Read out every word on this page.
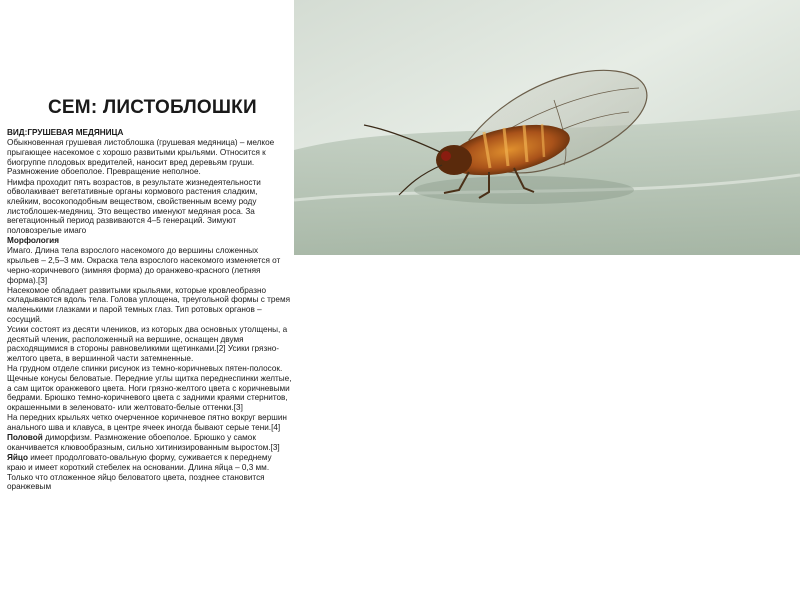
СЕМ: ЛИСТОБЛОШКИ

ВИД:ГРУШЕВАЯ МЕДЯНИЦА

Обыкновенная грушевая листоблошка (грушевая медяница) – мелкое прыгающее насекомое с хорошо развитыми крыльями. Относится к биогруппе плодовых вредителей, наносит вред деревьям груши. Размножение обоеполое. Превращение неполное.

Нимфа проходит пять возрастов, в результате жизнедеятельности обволакивает вегетативные органы кормового растения сладким, клейким, восокоподобным веществом, свойственным всему роду листоблошек-медяниц. Это вещество именуют медяная роса. За вегетационный период развиваются 4–5 генераций. Зимуют половозрелые имаго

Морфология

Имаго. Длина тела взрослого насекомого до вершины сложенных крыльев – 2,5–3 мм. Окраска тела взрослого насекомого изменяется от черно-коричневого (зимняя форма) до оранжево-красного (летняя форма).[3]

Насекомое обладает развитыми крыльями, которые кровлеобразно складываются вдоль тела. Голова уплощена, треугольной формы с тремя маленькими глазками и парой темных глаз. Тип ротовых органов – сосущий.

Усики состоят из десяти члеников, из которых два основных утолщены, а десятый членик, расположенный на вершине, оснащен двумя расходящимися в стороны равновеликими щетинками.[2] Усики грязно-желтого цвета, в вершинной части затемненные.

На грудном отделе спинки рисунок из темно-коричневых пятен-полосок. Щечные конусы беловатые. Передние углы щитка переднеспинки желтые, а сам щиток оранжевого цвета. Ноги грязно-желтого цвета с коричневыми бедрами. Брюшко темно-коричневого цвета с задними краями стернитов, окрашенными в зеленовато- или желтовато-белые оттенки.[3]

На передних крыльях четко очерченное коричневое пятно вокруг вершин анального шва и клавуса, в центре ячеек иногда бывают серые тени.[4]

Половой диморфизм. Размножение обоеполое. Брюшко у самок оканчивается клювообразным, сильно хитинизированным выростом.[3]

Яйцо имеет продолговато-овальную форму, суживается к переднему краю и имеет короткий стебелек на основании. Длина яйца – 0,3 мм. Только что отложенное яйцо беловатого цвета, позднее становится оранжевым
